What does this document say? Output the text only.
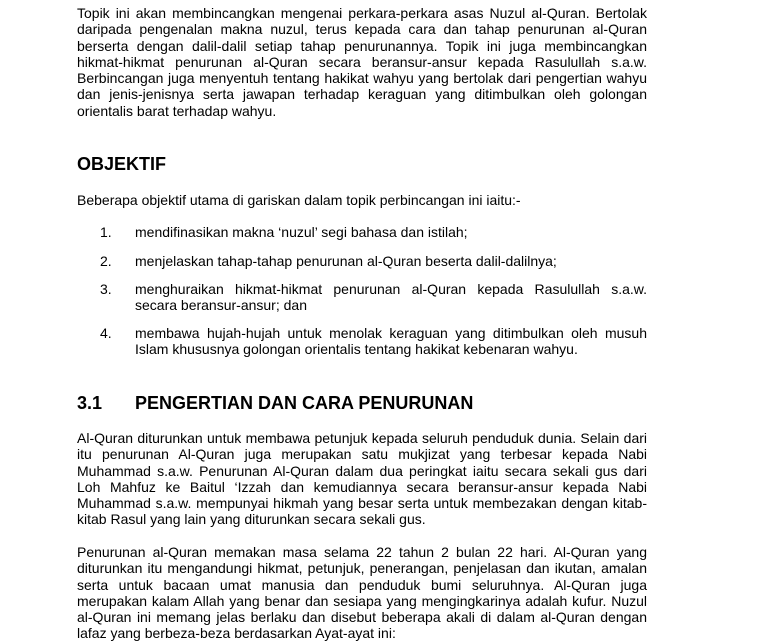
Topik ini akan membincangkan mengenai perkara-perkara asas Nuzul al-Quran. Bertolak daripada pengenalan makna nuzul, terus kepada cara dan tahap penurunan al-Quran berserta dengan dalil-dalil setiap tahap penurunannya. Topik ini juga membincangkan hikmat-hikmat penurunan al-Quran secara beransur-ansur kepada Rasulullah s.a.w. Berbincangan juga menyentuh tentang hakikat wahyu yang bertolak dari pengertian wahyu dan jenis-jenisnya serta jawapan terhadap keraguan yang ditimbulkan oleh golongan orientalis barat terhadap wahyu.

OBJEKTIF

Beberapa objektif utama di gariskan dalam topik perbincangan ini iaitu:-

1. mendifinasikan makna ‘nuzul’ segi bahasa dan istilah;
2. menjelaskan tahap-tahap penurunan al-Quran beserta dalil-dalilnya;
3. menghuraikan hikmat-hikmat penurunan al-Quran kepada Rasulullah s.a.w. secara beransur-ansur; dan
4. membawa hujah-hujah untuk menolak keraguan yang ditimbulkan oleh musuh Islam khususnya golongan orientalis tentang hakikat kebenaran wahyu.
3.1 PENGERTIAN DAN CARA PENURUNAN

Al-Quran diturunkan untuk membawa petunjuk kepada seluruh penduduk dunia. Selain dari itu penurunan Al-Quran juga merupakan satu mukjizat yang terbesar kepada Nabi Muhammad s.a.w. Penurunan Al-Quran dalam dua peringkat iaitu secara sekali gus dari Loh Mahfuz ke Baitul ‘Izzah dan kemudiannya secara beransur-ansur kepada Nabi Muhammad s.a.w. mempunyai hikmah yang besar serta untuk membezakan dengan kitab-kitab Rasul yang lain yang diturunkan secara sekali gus.

Penurunan al-Quran memakan masa selama 22 tahun 2 bulan 22 hari. Al-Quran yang diturunkan itu mengandungi hikmat, petunjuk, penerangan, penjelasan dan ikutan, amalan serta untuk bacaan umat manusia dan penduduk bumi seluruhnya. Al-Quran juga merupakan kalam Allah yang benar dan sesiapa yang mengingkarinya adalah kufur. Nuzul al-Quran ini memang jelas berlaku dan disebut beberapa akali di dalam al-Quran dengan lafaz yang berbeza-beza berdasarkan Ayat-ayat ini:
